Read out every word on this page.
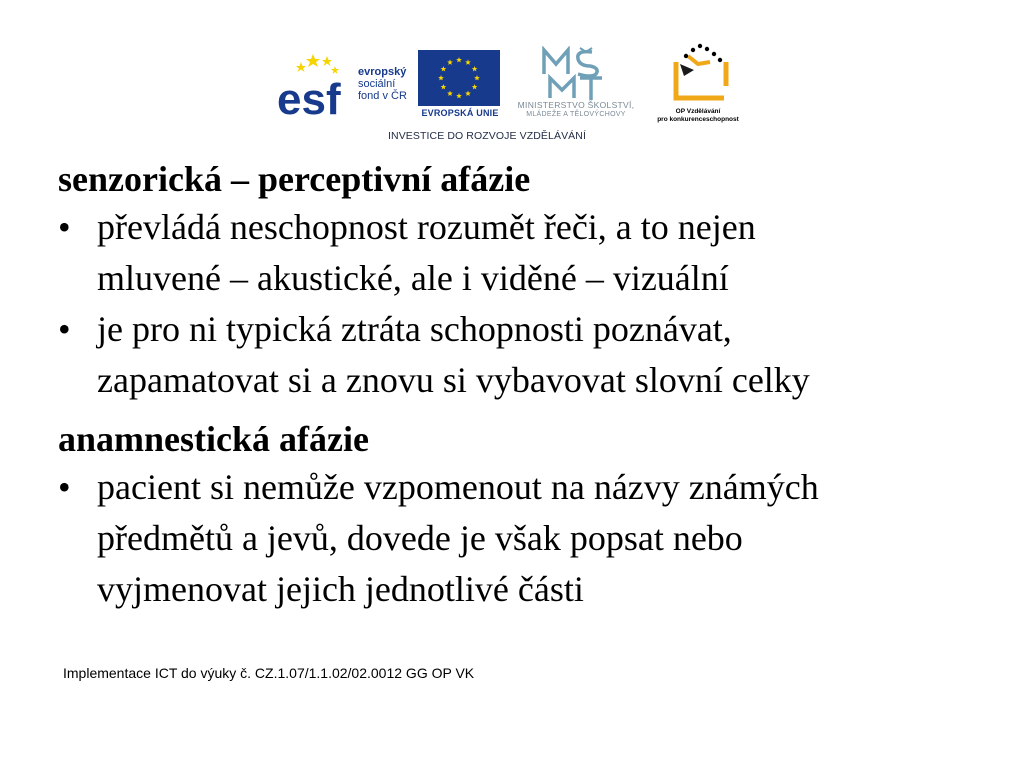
esf
evropský
sociální
fond v ČR
EVROPSKÁ UNIE
MINISTERSTVO ŠKOLSTVÍ,
MLÁDEŽE A TĚLOVÝCHOVY	OP Vzdělávání
pro konkurenceschopnost
INVESTICE DO ROZVOJE VZDĚLÁVÁNÍ
senzorická – perceptivní afázie
• převládá neschopnost rozumět řeči, a to nejen
mluvené – akustické, ale i viděné – vizuální
• je pro ni typická ztráta schopnosti poznávat,
zapamatovat si a znovu si vybavovat slovní celky
anamnestická afázie
• pacient si nemůže vzpomenout na názvy známých
předmětů a jevů, dovede je však popsat nebo
vyjmenovat jejich jednotlivé části
Implementace ICT do výuky č. CZ.1.07/1.1.02/02.0012 GG OP VK
